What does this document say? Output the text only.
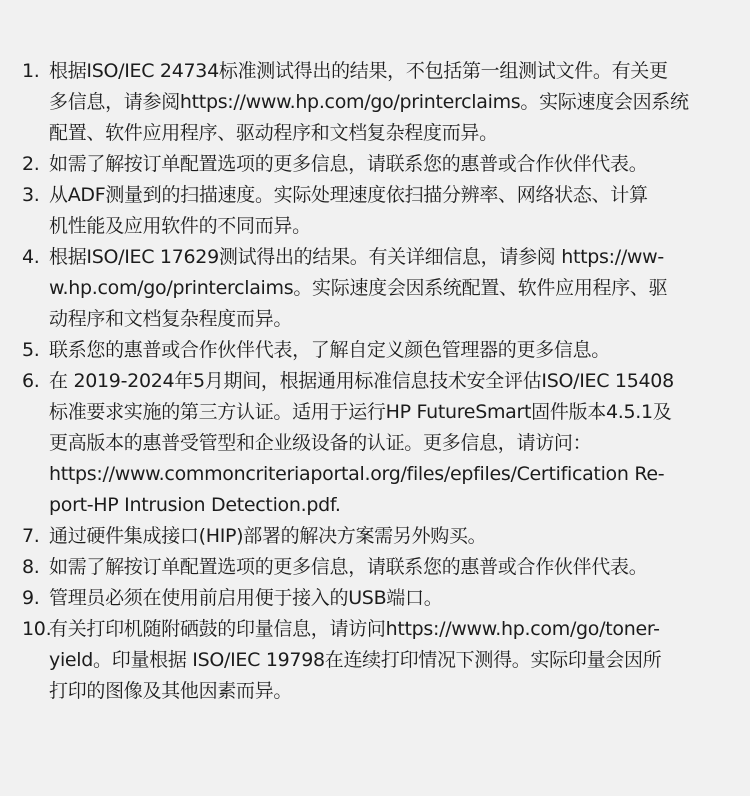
1. 根据ISO/IEC 24734标准测试得出的结果，不包括第一组测试文件。有关更
多信息，请参阅https://www.hp.com/go/printerclaims。实际速度会因系统
配置、软件应用程序、驱动程序和文档复杂程度而异。
2. 如需了解按订单配置选项的更多信息，请联系您的惠普或合作伙伴代表。
3. 从ADF测量到的扫描速度。实际处理速度依扫描分辨率、网络状态、计算
机性能及应用软件的不同而异。
4. 根据ISO/IEC 17629测试得出的结果。有关详细信息，请参阅 https://ww-
w.hp.com/go/printerclaims。实际速度会因系统配置、软件应用程序、驱
动程序和文档复杂程度而异。
5. 联系您的惠普或合作伙伴代表，了解自定义颜色管理器的更多信息。
6. 在 2019-2024年5月期间，根据通用标准信息技术安全评估ISO/IEC 15408
标准要求实施的第三方认证。适用于运行HP FutureSmart固件版本4.5.1及
更高版本的惠普受管型和企业级设备的认证。更多信息，请访问：
https://www.commoncriteriaportal.org/files/epfiles/Certification Re-
port-HP Intrusion Detection.pdf.
7. 通过硬件集成接口(HIP)部署的解决方案需另外购买。
8. 如需了解按订单配置选项的更多信息，请联系您的惠普或合作伙伴代表。
9. 管理员必须在使用前启用便于接入的USB端口。
10.
有关打印机随附硒鼓的印量信息，请访问https://www.hp.com/go/toner-
yield。印量根据 ISO/IEC 19798在连续打印情况下测得。实际印量会因所
打印的图像及其他因素而异。
